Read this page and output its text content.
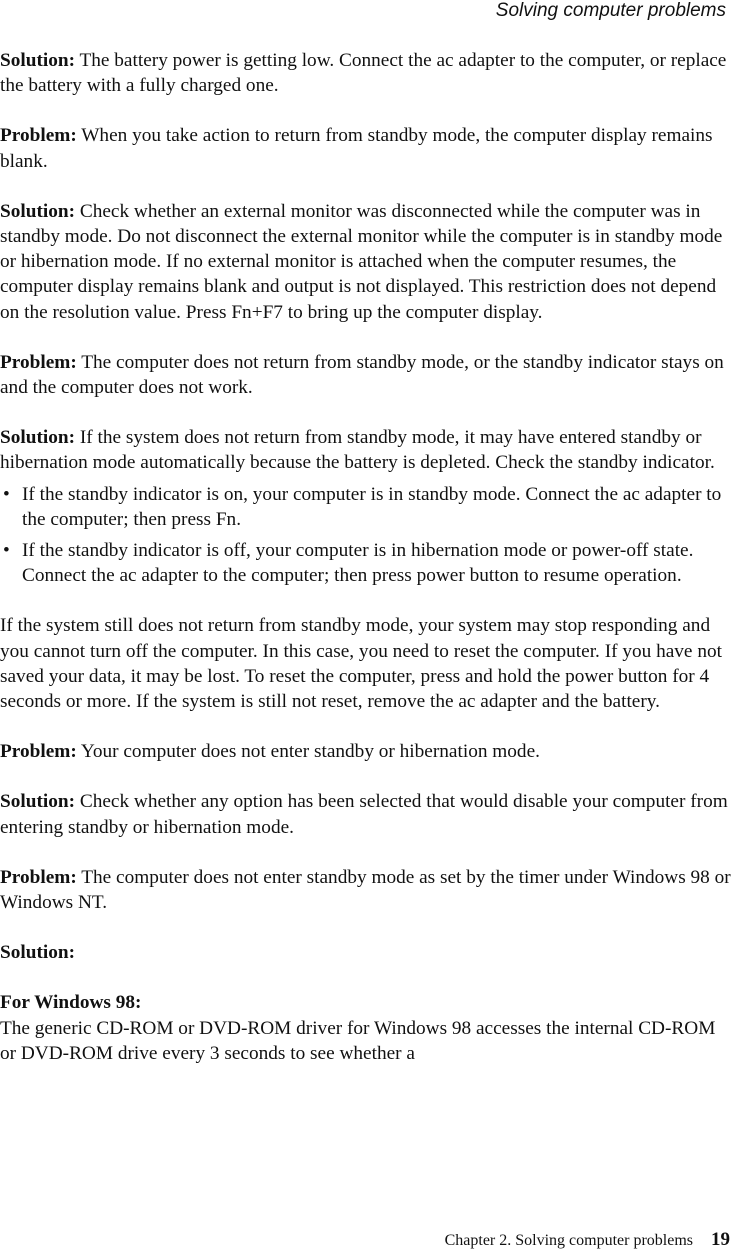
Solving computer problems

Solution: The battery power is getting low. Connect the ac adapter to the computer, or replace the battery with a fully charged one.

Problem: When you take action to return from standby mode, the computer display remains blank.

Solution: Check whether an external monitor was disconnected while the computer was in standby mode. Do not disconnect the external monitor while the computer is in standby mode or hibernation mode. If no external monitor is attached when the computer resumes, the computer display remains blank and output is not displayed. This restriction does not depend on the resolution value. Press Fn+F7 to bring up the computer display.

Problem: The computer does not return from standby mode, or the standby indicator stays on and the computer does not work.

Solution: If the system does not return from standby mode, it may have entered standby or hibernation mode automatically because the battery is depleted. Check the standby indicator.

• If the standby indicator is on, your computer is in standby mode. Connect the ac adapter to the computer; then press Fn.
• If the standby indicator is off, your computer is in hibernation mode or power-off state. Connect the ac adapter to the computer; then press power button to resume operation.

If the system still does not return from standby mode, your system may stop responding and you cannot turn off the computer. In this case, you need to reset the computer. If you have not saved your data, it may be lost. To reset the computer, press and hold the power button for 4 seconds or more. If the system is still not reset, remove the ac adapter and the battery.

Problem: Your computer does not enter standby or hibernation mode.

Solution: Check whether any option has been selected that would disable your computer from entering standby or hibernation mode.

Problem: The computer does not enter standby mode as set by the timer under Windows 98 or Windows NT.

Solution:

For Windows 98:
The generic CD-ROM or DVD-ROM driver for Windows 98 accesses the internal CD-ROM or DVD-ROM drive every 3 seconds to see whether a

Chapter 2. Solving computer problems 19
